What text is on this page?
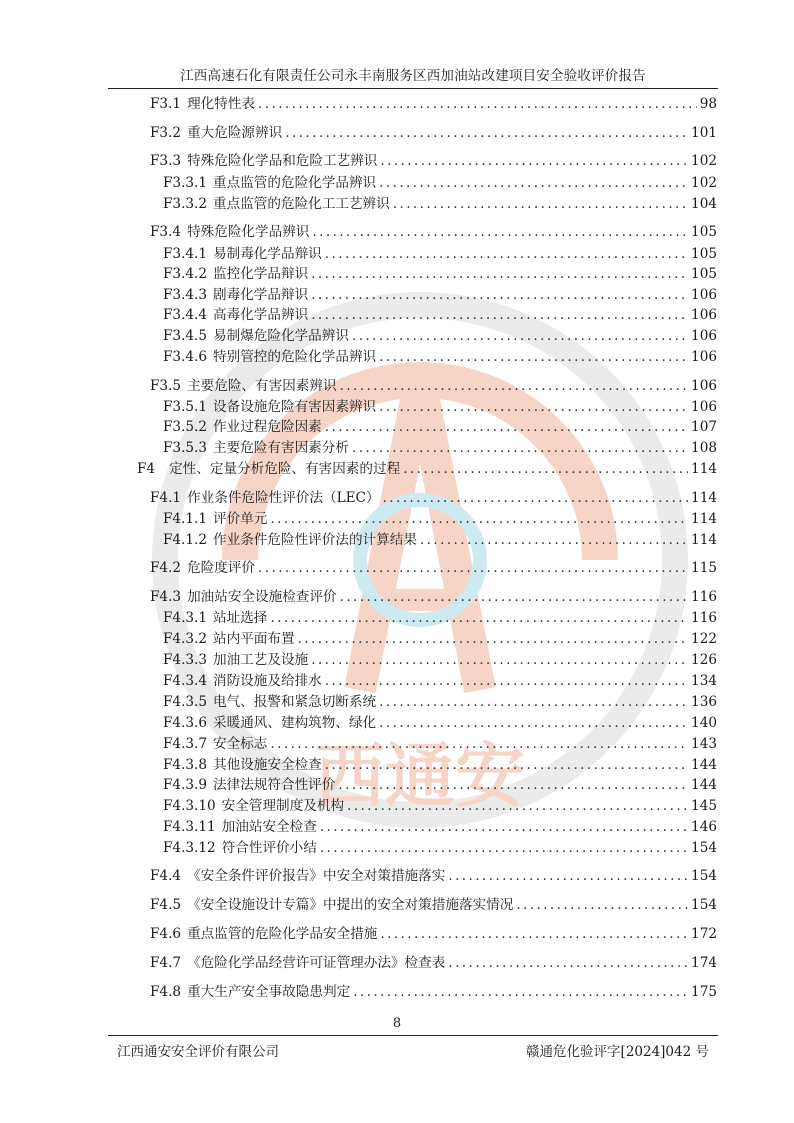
西通安
江西高速石化有限责任公司永丰南服务区西加油站改建项目安全验收评价报告
F3.1 理化特性表 .....	98
F3.2 重大危险源辨识 .....	101
F3.3 特殊危险化学品和危险工艺辨识 .....	102
F3.3.1 重点监管的危险化学品辨识 .....	102
F3.3.2 重点监管的危险化工工艺辨识 .....	104
F3.4 特殊危险化学品辨识 .....	105
F3.4.1 易制毒化学品辩识 .....	105
F3.4.2 监控化学品辩识 .....	105
F3.4.3 剧毒化学品辩识 .....	106
F3.4.4 高毒化学品辨识 .....	106
F3.4.5 易制爆危险化学品辨识 .....	106
F3.4.6 特别管控的危险化学品辨识 .....	106
F3.5 主要危险、有害因素辨识 .....	106
F3.5.1 设备设施危险有害因素辨识 .....	106
F3.5.2 作业过程危险因素 .....	107
F3.5.3 主要危险有害因素分析 .....	108
F4 定性、定量分析危险、有害因素的过程 .....	114
F4.1 作业条件危险性评价法（LEC） .....	114
F4.1.1 评价单元 .....	114
F4.1.2 作业条件危险性评价法的计算结果 .....	114
F4.2 危险度评价 .....	115
F4.3 加油站安全设施检查评价 .....	116
F4.3.1 站址选择 .....	116
F4.3.2 站内平面布置 .....	122
F4.3.3 加油工艺及设施 .....	126
F4.3.4 消防设施及给排水 .....	134
F4.3.5 电气、报警和紧急切断系统 .....	136
F4.3.6 采暖通风、建构筑物、绿化 .....	140
F4.3.7 安全标志 .....	143
F4.3.8 其他设施安全检查 .....	144
F4.3.9 法律法规符合性评价 .....	144
F4.3.10 安全管理制度及机构 .....	145
F4.3.11 加油站安全检查 .....	146
F4.3.12 符合性评价小结 .....	154
F4.4 《安全条件评价报告》中安全对策措施落实 .....	154
F4.5 《安全设施设计专篇》中提出的安全对策措施落实情况 .....	154
F4.6 重点监管的危险化学品安全措施 .....	172
F4.7 《危险化学品经营许可证管理办法》检查表 .....	174
F4.8 重大生产安全事故隐患判定 .....	175
8
江西通安安全评价有限公司	赣通危化验评字[2024]042 号
